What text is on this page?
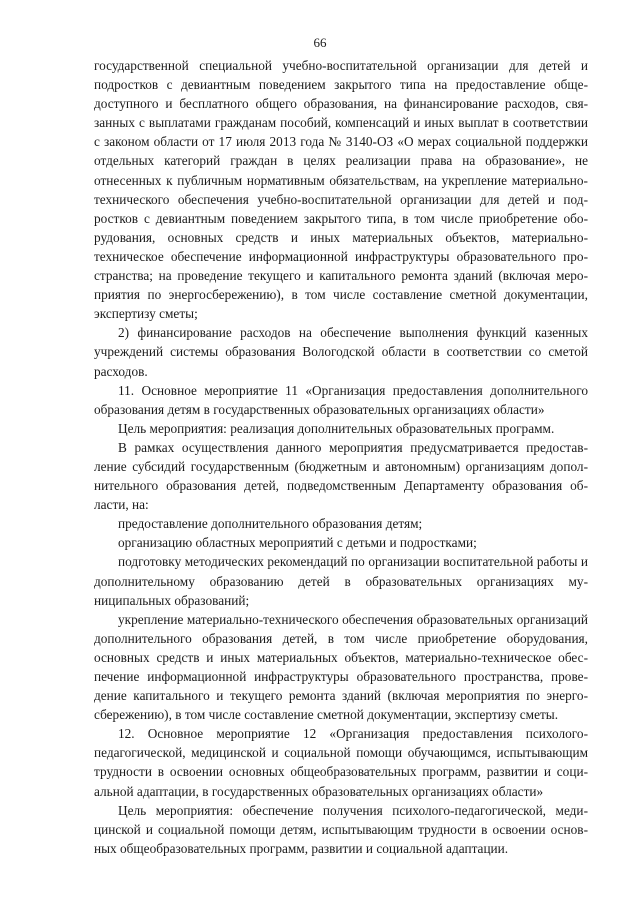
66

государственной специальной учебно-воспитательной организации для детей и подростков с девиантным поведением закрытого типа на предоставление общедоступного и бесплатного общего образования, на финансирование расходов, связанных с выплатами гражданам пособий, компенсаций и иных выплат в соответствии с законом области от 17 июля 2013 года № 3140-ОЗ «О мерах социальной поддержки отдельных категорий граждан в целях реализации права на образование», не отнесенных к публичным нормативным обязательствам, на укрепление материально-технического обеспечения учебно-воспитательной организации для детей и подростков с девиантным поведением закрытого типа, в том числе приобретение оборудования, основных средств и иных материальных объектов, материально-техническое обеспечение информационной инфраструктуры образовательного пространства; на проведение текущего и капитального ремонта зданий (включая мероприятия по энергосбережению), в том числе составление сметной документации, экспертизу сметы;

2) финансирование расходов на обеспечение выполнения функций казенных учреждений системы образования Вологодской области в соответствии со сметой расходов.

11. Основное мероприятие 11 «Организация предоставления дополнительного образования детям в государственных образовательных организациях области»

Цель мероприятия: реализация дополнительных образовательных программ.

В рамках осуществления данного мероприятия предусматривается предоставление субсидий государственным (бюджетным и автономным) организациям дополнительного образования детей, подведомственным Департаменту образования области, на:

предоставление дополнительного образования детям;

организацию областных мероприятий с детьми и подростками;

подготовку методических рекомендаций по организации воспитательной работы и дополнительному образованию детей в образовательных организациях муниципальных образований;

укрепление материально-технического обеспечения образовательных организаций дополнительного образования детей, в том числе приобретение оборудования, основных средств и иных материальных объектов, материально-техническое обеспечение информационной инфраструктуры образовательного пространства, проведение капитального и текущего ремонта зданий (включая мероприятия по энергосбережению), в том числе составление сметной документации, экспертизу сметы.

12. Основное мероприятие 12 «Организация предоставления психолого-педагогической, медицинской и социальной помощи обучающимся, испытывающим трудности в освоении основных общеобразовательных программ, развитии и социальной адаптации, в государственных образовательных организациях области»

Цель мероприятия: обеспечение получения психолого-педагогической, медицинской и социальной помощи детям, испытывающим трудности в освоении основных общеобразовательных программ, развитии и социальной адаптации.
